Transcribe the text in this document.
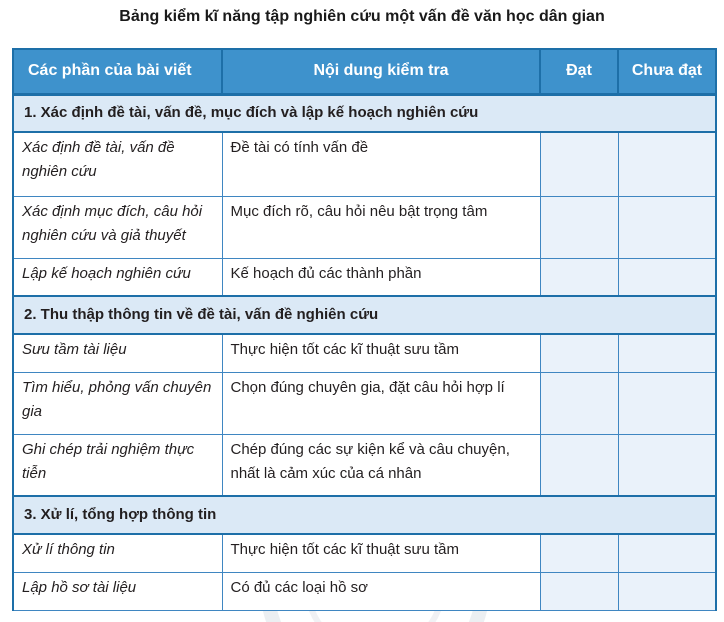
Bảng kiểm kĩ năng tập nghiên cứu một vấn đề văn học dân gian
Các phần của bài viết	Nội dung kiểm tra	Đạt	Chưa đạt
1. Xác định đề tài, vấn đề, mục đích và lập kế hoạch nghiên cứu			
Xác định đề tài, vấn đề nghiên cứu	Đề tài có tính vấn đề		
Xác định mục đích, câu hỏi nghiên cứu và giả thuyết	Mục đích rõ, câu hỏi nêu bật trọng tâm		
Lập kế hoạch nghiên cứu	Kế hoạch đủ các thành phần		
2. Thu thập thông tin về đề tài, vấn đề nghiên cứu			
Sưu tầm tài liệu	Thực hiện tốt các kĩ thuật sưu tầm		
Tìm hiểu, phỏng vấn chuyên gia	Chọn đúng chuyên gia, đặt câu hỏi hợp lí		
Ghi chép trải nghiệm thực tiễn	Chép đúng các sự kiện kể và câu chuyện, nhất là cảm xúc của cá nhân		
3. Xử lí, tổng hợp thông tin			
Xử lí thông tin	Thực hiện tốt các kĩ thuật sưu tầm		
Lập hồ sơ tài liệu	Có đủ các loại hồ sơ		
